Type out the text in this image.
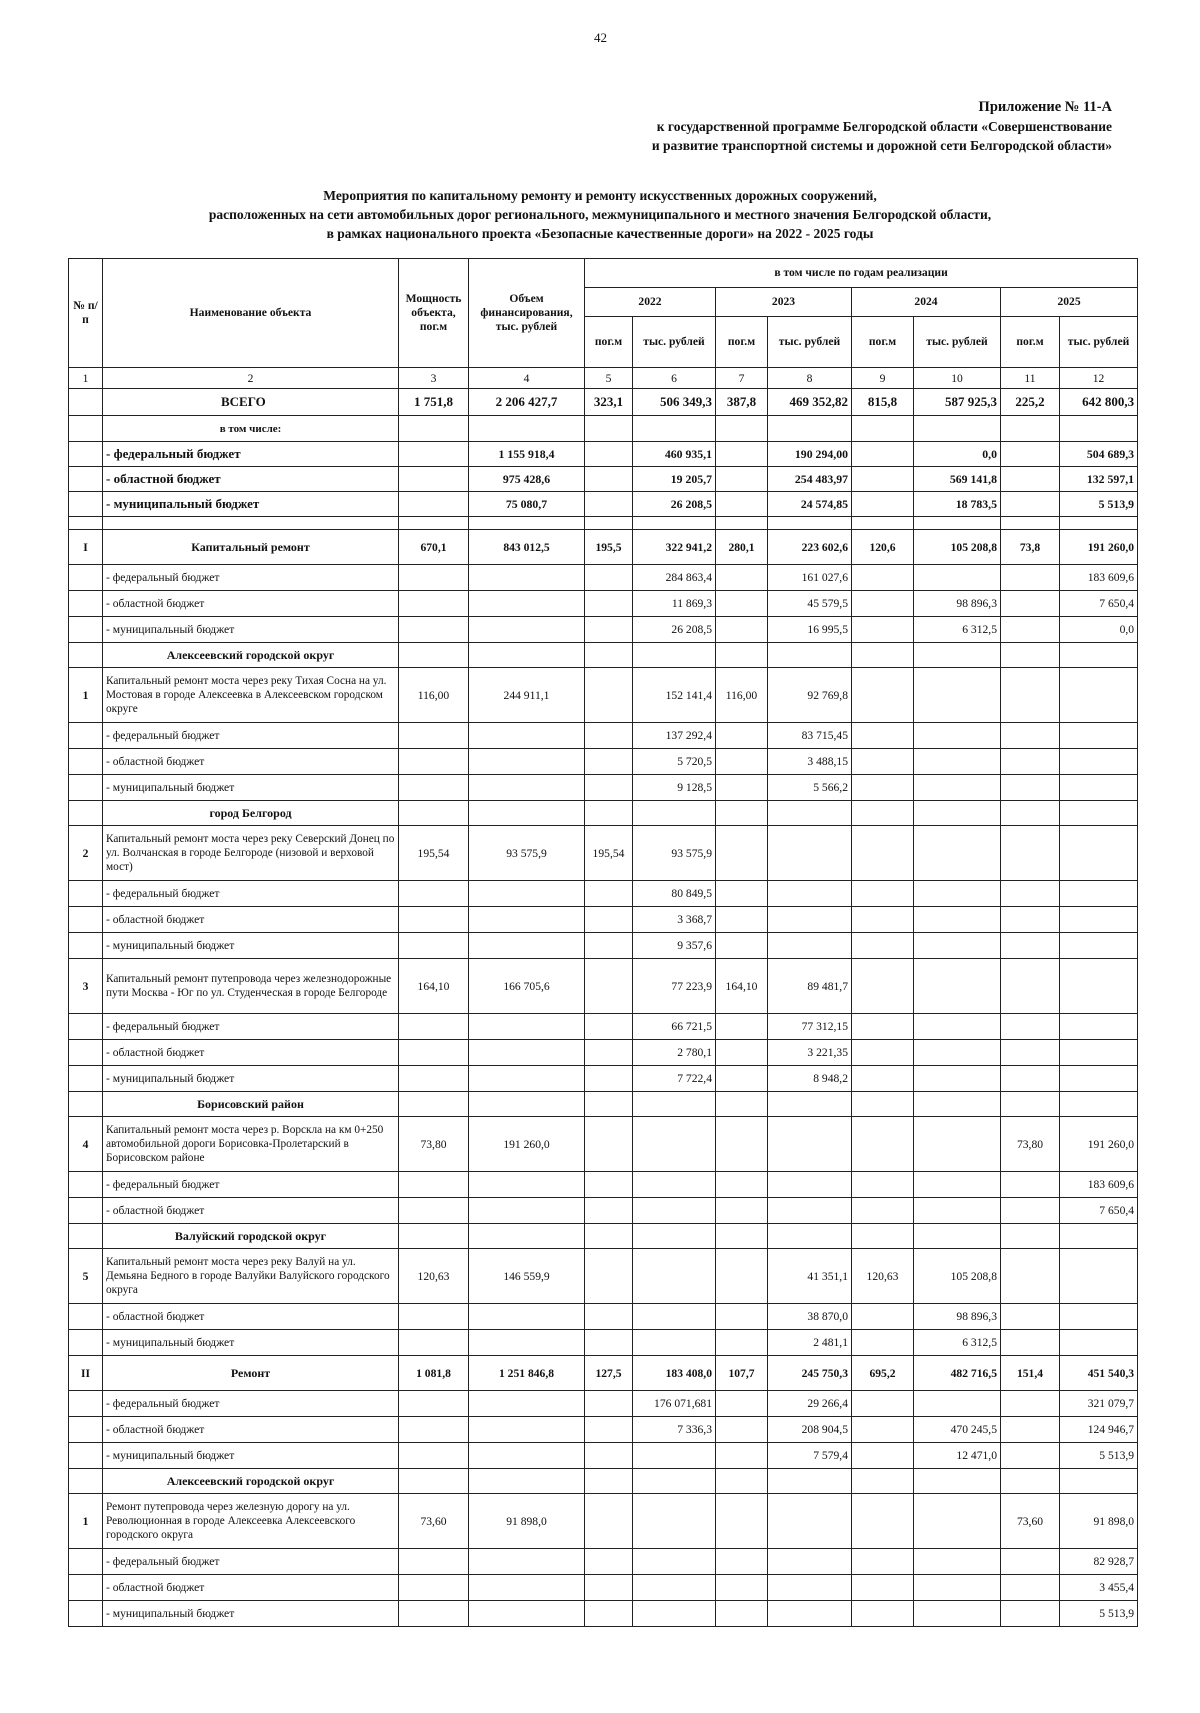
42
Приложение № 11-А
к государственной программе Белгородской области «Совершенствование
и развитие транспортной системы и дорожной сети Белгородской области»
Мероприятия по капитальному ремонту и ремонту искусственных дорожных сооружений,
расположенных на сети автомобильных дорог регионального, межмуниципального и местного значения Белгородской области,
в рамках национального проекта «Безопасные качественные дороги» на 2022 - 2025 годы
№ п/п	Наименование объекта	Мощность объекта, пог.м	Объем финансирования, тыс. рублей	в том числе по годам реализации							
				2022		2023		2024		2025	
				пог.м	тыс. рублей	пог.м	тыс. рублей	пог.м	тыс. рублей	пог.м	тыс. рублей
1	2	3	4	5	6	7	8	9	10	11	12
	ВСЕГО	1 751,8	2 206 427,7	323,1	506 349,3	387,8	469 352,82	815,8	587 925,3	225,2	642 800,3
	в том числе:										
	- федеральный бюджет		1 155 918,4		460 935,1		190 294,00		0,0		504 689,3
	- областной бюджет		975 428,6		19 205,7		254 483,97		569 141,8		132 597,1
	- муниципальный бюджет		75 080,7		26 208,5		24 574,85		18 783,5		5 513,9

I	Капитальный ремонт	670,1	843 012,5	195,5	322 941,2	280,1	223 602,6	120,6	105 208,8	73,8	191 260,0
	- федеральный бюджет				284 863,4		161 027,6				183 609,6
	- областной бюджет				11 869,3		45 579,5		98 896,3		7 650,4
	- муниципальный бюджет				26 208,5		16 995,5		6 312,5		0,0
	Алексеевский городской округ										
1	Капитальный ремонт моста через реку Тихая Сосна на ул. Мостовая в городе Алексеевка в Алексеевском городском округе	116,00	244 911,1		152 141,4	116,00	92 769,8				
	- федеральный бюджет				137 292,4		83 715,45				
	- областной бюджет				5 720,5		3 488,15				
	- муниципальный бюджет				9 128,5		5 566,2				
	город Белгород										
2	Капитальный ремонт моста через реку Северский Донец по ул. Волчанская в городе Белгороде (низовой и верховой мост)	195,54	93 575,9	195,54	93 575,9						
	- федеральный бюджет				80 849,5						
	- областной бюджет				3 368,7						
	- муниципальный бюджет				9 357,6						
3	Капитальный ремонт путепровода через железнодорожные пути Москва - Юг по ул. Студенческая в городе Белгороде	164,10	166 705,6		77 223,9	164,10	89 481,7				
	- федеральный бюджет				66 721,5		77 312,15				
	- областной бюджет				2 780,1		3 221,35				
	- муниципальный бюджет				7 722,4		8 948,2				
	Борисовский район										
4	Капитальный ремонт моста через р. Ворскла на км 0+250 автомобильной дороги Борисовка-Пролетарский в Борисовском районе	73,80	191 260,0							73,80	191 260,0
	- федеральный бюджет										183 609,6
	- областной бюджет										7 650,4
	Валуйский городской округ										
5	Капитальный ремонт моста через реку Валуй на ул. Демьяна Бедного в городе Валуйки Валуйского городского округа	120,63	146 559,9				41 351,1	120,63	105 208,8		
	- областной бюджет						38 870,0		98 896,3		
	- муниципальный бюджет						2 481,1		6 312,5		
II	Ремонт	1 081,8	1 251 846,8	127,5	183 408,0	107,7	245 750,3	695,2	482 716,5	151,4	451 540,3
	- федеральный бюджет				176 071,681		29 266,4				321 079,7
	- областной бюджет				7 336,3		208 904,5		470 245,5		124 946,7
	- муниципальный бюджет						7 579,4		12 471,0		5 513,9
	Алексеевский городской округ										
1	Ремонт путепровода через железную дорогу на ул. Революционная в городе Алексеевка Алексеевского городского округа	73,60	91 898,0							73,60	91 898,0
	- федеральный бюджет										82 928,7
	- областной бюджет										3 455,4
	- муниципальный бюджет										5 513,9
